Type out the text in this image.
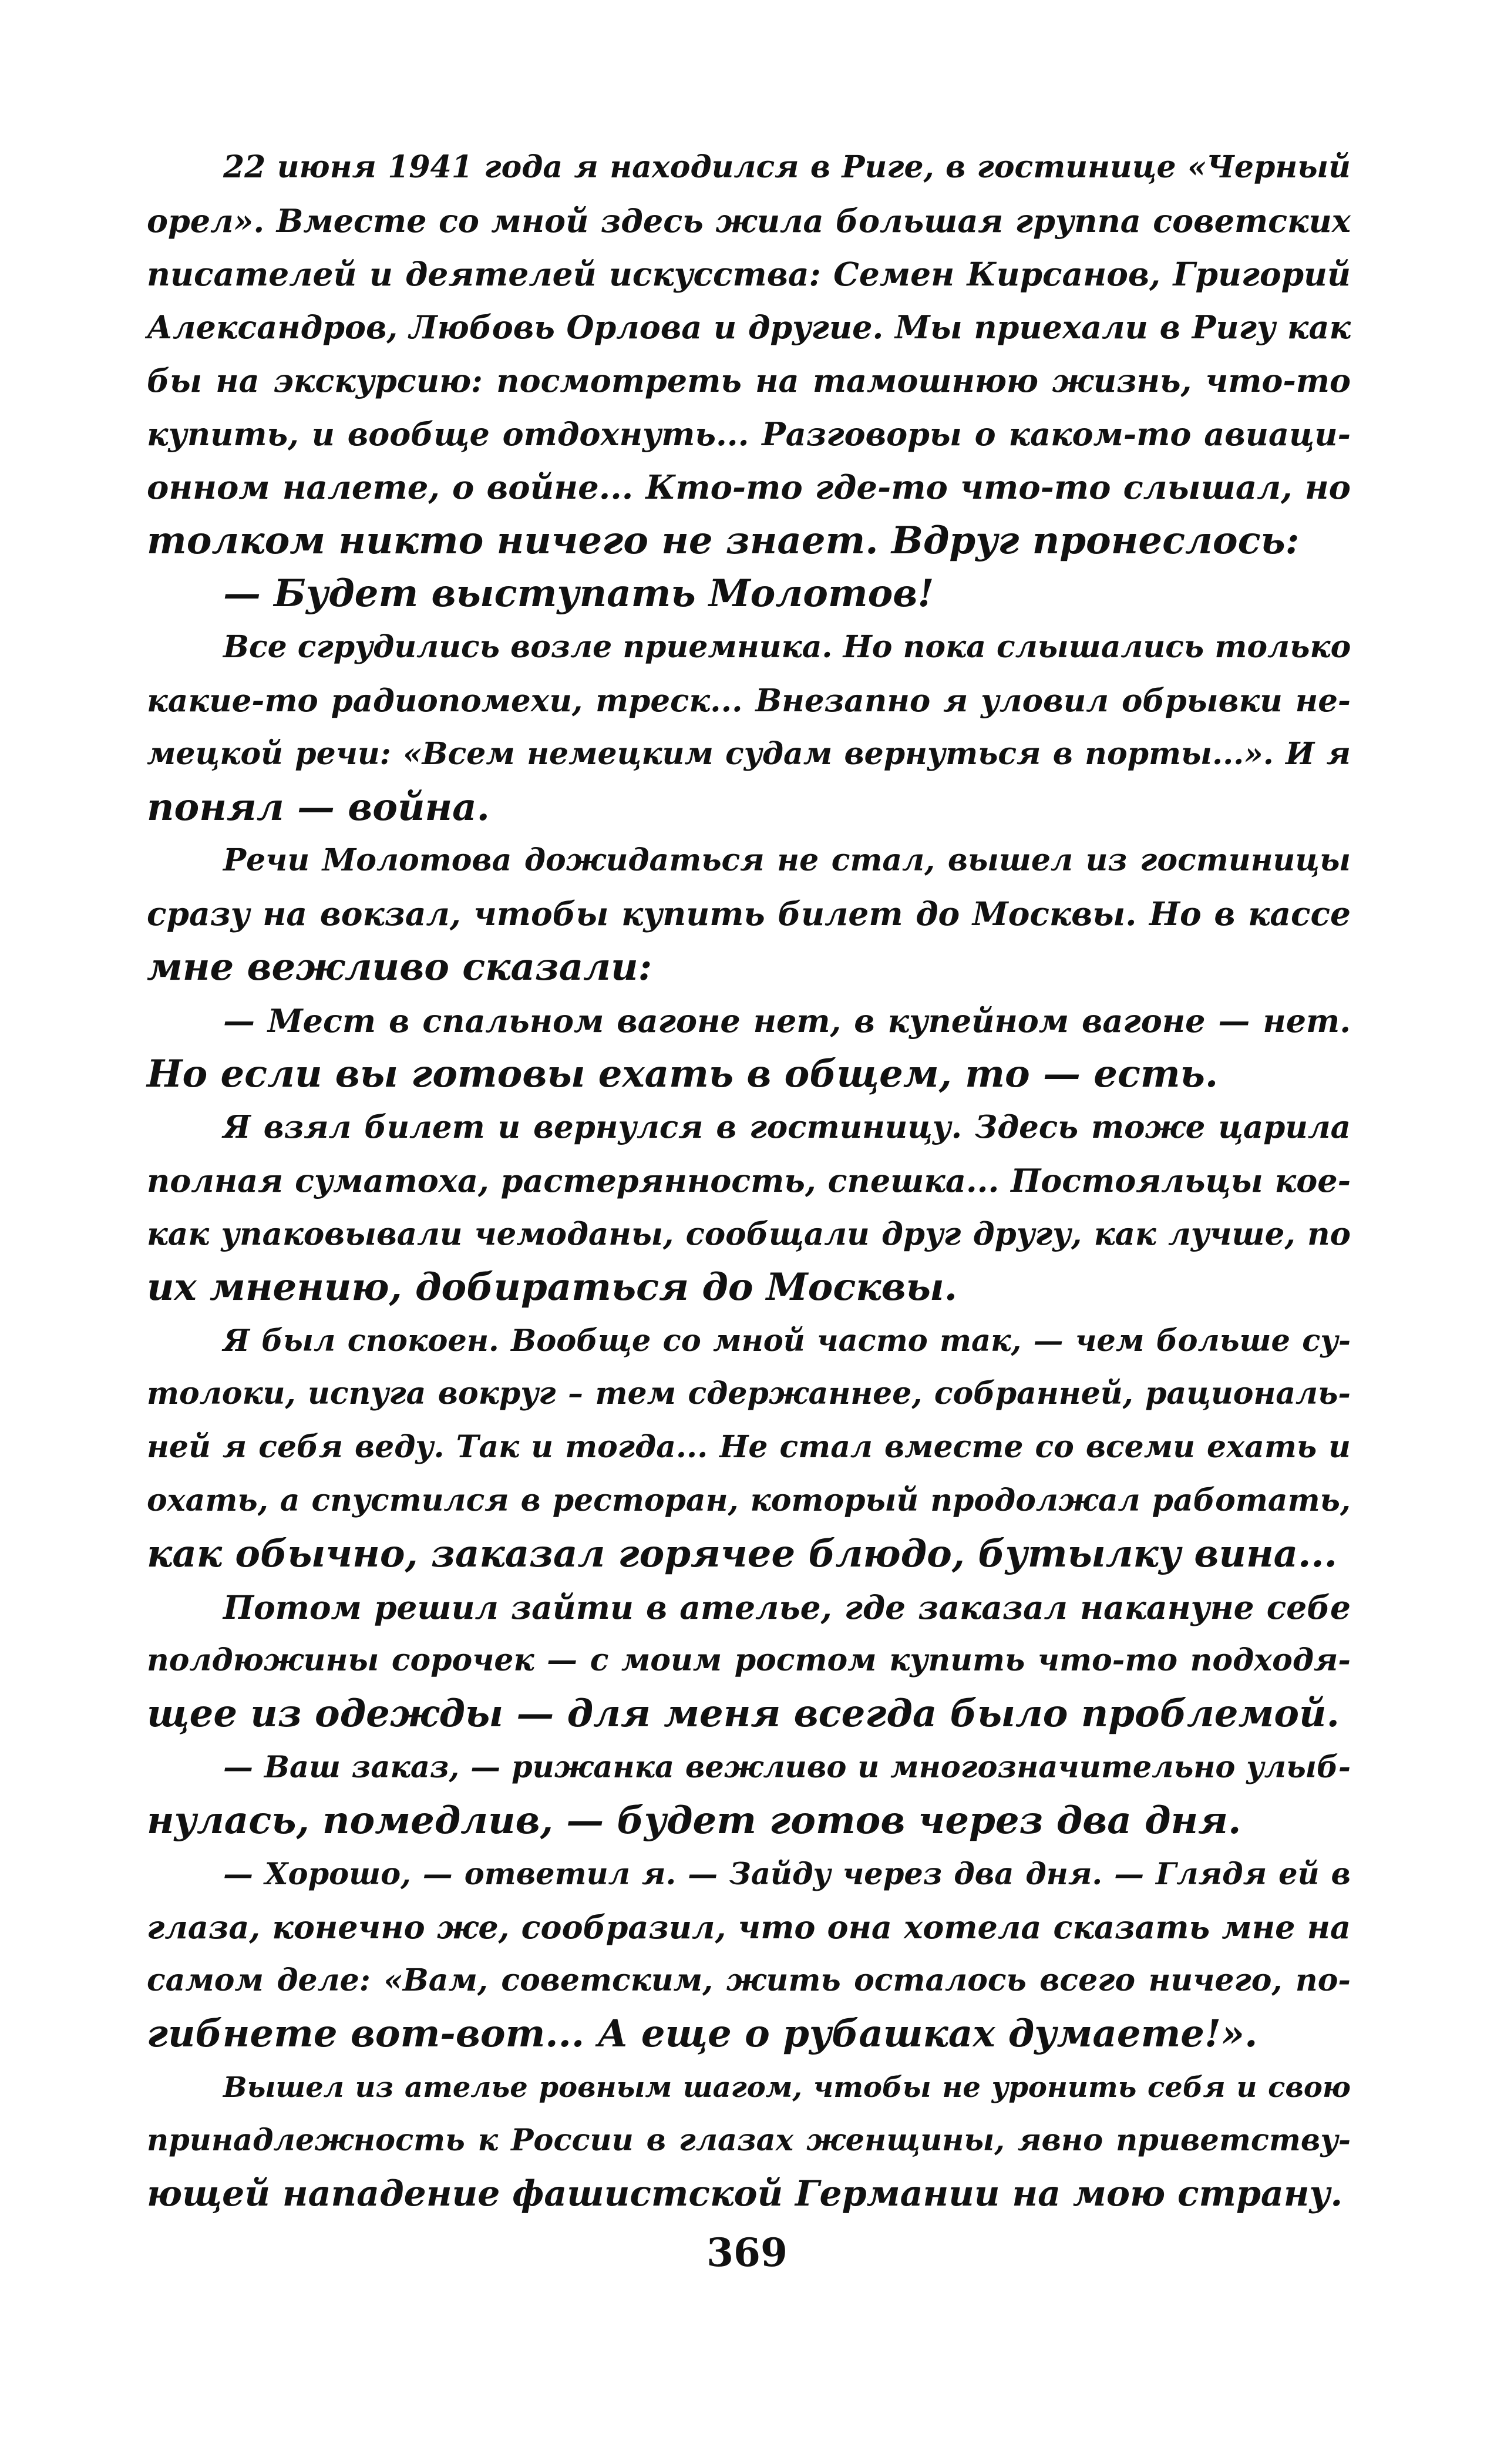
22 июня 1941 года я находился в Риге, в гостинице «Черный
орел». Вместе со мной здесь жила большая группа советских
писателей и деятелей искусства: Семен Кирсанов, Григорий
Александров, Любовь Орлова и другие. Мы приехали в Ригу как
бы на экскурсию: посмотреть на тамошнюю жизнь, что-то
купить, и вообще отдохнуть... Разговоры о каком-то авиаци-
онном налете, о войне... Кто-то где-то что-то слышал, но
толком никто ничего не знает. Вдруг пронеслось:
— Будет выступать Молотов!
Все сгрудились возле приемника. Но пока слышались только
какие-то радиопомехи, треск... Внезапно я уловил обрывки не-
мецкой речи: «Всем немецким судам вернуться в порты...». И я
понял — война.
Речи Молотова дожидаться не стал, вышел из гостиницы
сразу на вокзал, чтобы купить билет до Москвы. Но в кассе
мне вежливо сказали:
— Мест в спальном вагоне нет, в купейном вагоне — нет.
Но если вы готовы ехать в общем, то — есть.
Я взял билет и вернулся в гостиницу. Здесь тоже царила
полная суматоха, растерянность, спешка... Постояльцы кое-
как упаковывали чемоданы, сообщали друг другу, как лучше, по
их мнению, добираться до Москвы.
Я был спокоен. Вообще со мной часто так, — чем больше су-
толоки, испуга вокруг – тем сдержаннее, собранней, рациональ-
ней я себя веду. Так и тогда... Не стал вместе со всеми ехать и
охать, а спустился в ресторан, который продолжал работать,
как обычно, заказал горячее блюдо, бутылку вина...
Потом решил зайти в ателье, где заказал накануне себе
полдюжины сорочек — с моим ростом купить что-то подходя-
щее из одежды — для меня всегда было проблемой.
— Ваш заказ, — рижанка вежливо и многозначительно улыб-
нулась, помедлив, — будет готов через два дня.
— Хорошо, — ответил я. — Зайду через два дня. — Глядя ей в
глаза, конечно же, сообразил, что она хотела сказать мне на
самом деле: «Вам, советским, жить осталось всего ничего, по-
гибнете вот-вот... А еще о рубашках думаете!».
Вышел из ателье ровным шагом, чтобы не уронить себя и свою
принадлежность к России в глазах женщины, явно приветству-
ющей нападение фашистской Германии на мою страну.
369
